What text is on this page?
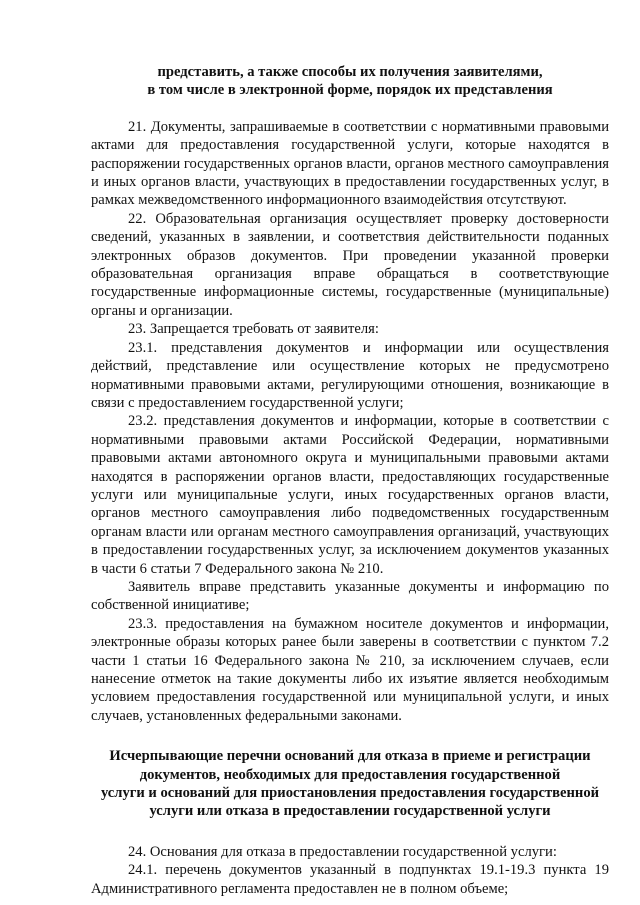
представить, а также способы их получения заявителями,
в том числе в электронной форме, порядок их представления

21. Документы, запрашиваемые в соответствии с нормативными правовыми актами для предоставления государственной услуги, которые находятся в распоряжении государственных органов власти, органов местного самоуправления и иных органов власти, участвующих в предоставлении государственных услуг, в рамках межведомственного информационного взаимодействия отсутствуют.

22. Образовательная организация осуществляет проверку достоверности сведений, указанных в заявлении, и соответствия действительности поданных электронных образов документов. При проведении указанной проверки образовательная организация вправе обращаться в соответствующие государственные информационные системы, государственные (муниципальные) органы и организации.

23. Запрещается требовать от заявителя:

23.1. представления документов и информации или осуществления действий, представление или осуществление которых не предусмотрено нормативными правовыми актами, регулирующими отношения, возникающие в связи с предоставлением государственной услуги;

23.2. представления документов и информации, которые в соответствии с нормативными правовыми актами Российской Федерации, нормативными правовыми актами автономного округа и муниципальными правовыми актами находятся в распоряжении органов власти, предоставляющих государственные услуги или муниципальные услуги, иных государственных органов власти, органов местного самоуправления либо подведомственных государственным органам власти или органам местного самоуправления организаций, участвующих в предоставлении государственных услуг, за исключением документов указанных в части 6 статьи 7 Федерального закона № 210.

Заявитель вправе представить указанные документы и информацию по собственной инициативе;

23.3. предоставления на бумажном носителе документов и информации, электронные образы которых ранее были заверены в соответствии с пунктом 7.2 части 1 статьи 16 Федерального закона № 210, за исключением случаев, если нанесение отметок на такие документы либо их изъятие является необходимым условием предоставления государственной или муниципальной услуги, и иных случаев, установленных федеральными законами.

Исчерпывающие перечни оснований для отказа в приеме и регистрации
документов, необходимых для предоставления государственной
услуги и оснований для приостановления предоставления государственной
услуги или отказа в предоставлении государственной услуги

24. Основания для отказа в предоставлении государственной услуги:

24.1. перечень документов указанный в подпунктах 19.1-19.3 пункта 19 Административного регламента предоставлен не в полном объеме;
